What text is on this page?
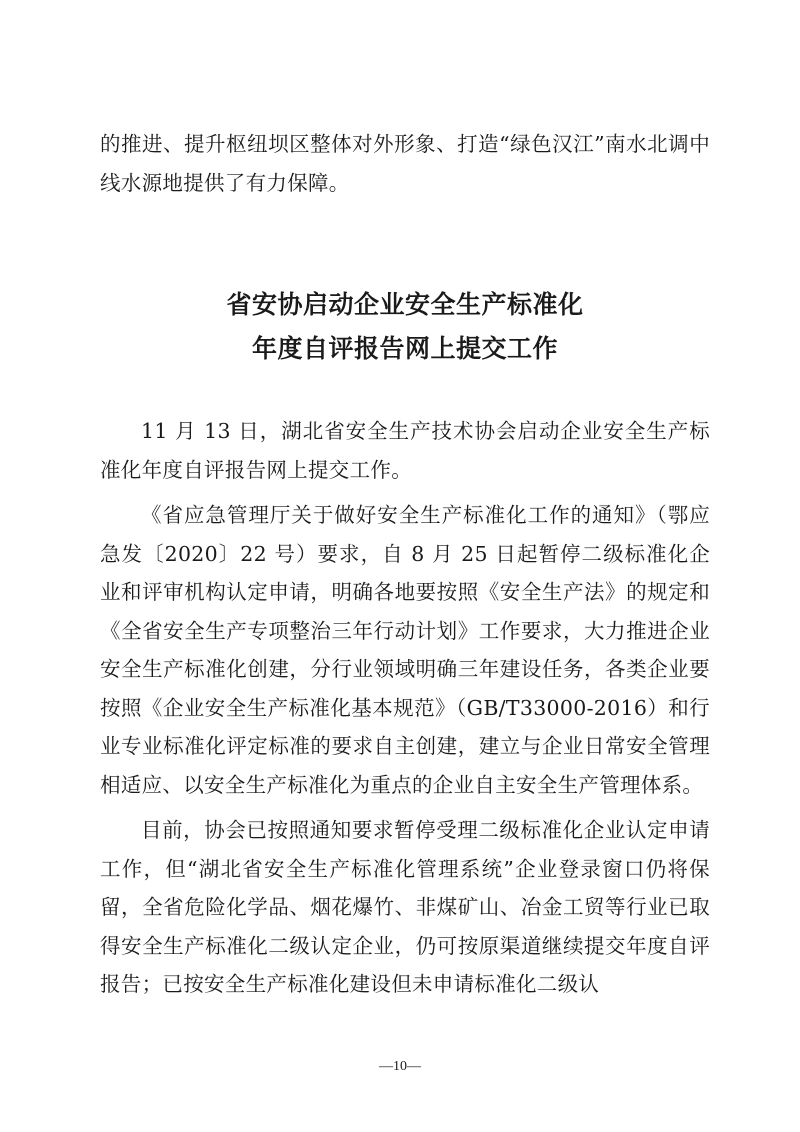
的推进、提升枢纽坝区整体对外形象、打造“绿色汉江”南水北调中线水源地提供了有力保障。

省安协启动企业安全生产标准化
年度自评报告网上提交工作

11 月 13 日，湖北省安全生产技术协会启动企业安全生产标准化年度自评报告网上提交工作。

《省应急管理厅关于做好安全生产标准化工作的通知》（鄂应急发〔2020〕22 号）要求，自 8 月 25 日起暂停二级标准化企业和评审机构认定申请，明确各地要按照《安全生产法》的规定和《全省安全生产专项整治三年行动计划》工作要求，大力推进企业安全生产标准化创建，分行业领域明确三年建设任务，各类企业要按照《企业安全生产标准化基本规范》（GB/T33000-2016）和行业专业标准化评定标准的要求自主创建，建立与企业日常安全管理相适应、以安全生产标准化为重点的企业自主安全生产管理体系。

目前，协会已按照通知要求暂停受理二级标准化企业认定申请工作，但“湖北省安全生产标准化管理系统”企业登录窗口仍将保留，全省危险化学品、烟花爆竹、非煤矿山、冶金工贸等行业已取得安全生产标准化二级认定企业，仍可按原渠道继续提交年度自评报告；已按安全生产标准化建设但未申请标准化二级认

—10—
